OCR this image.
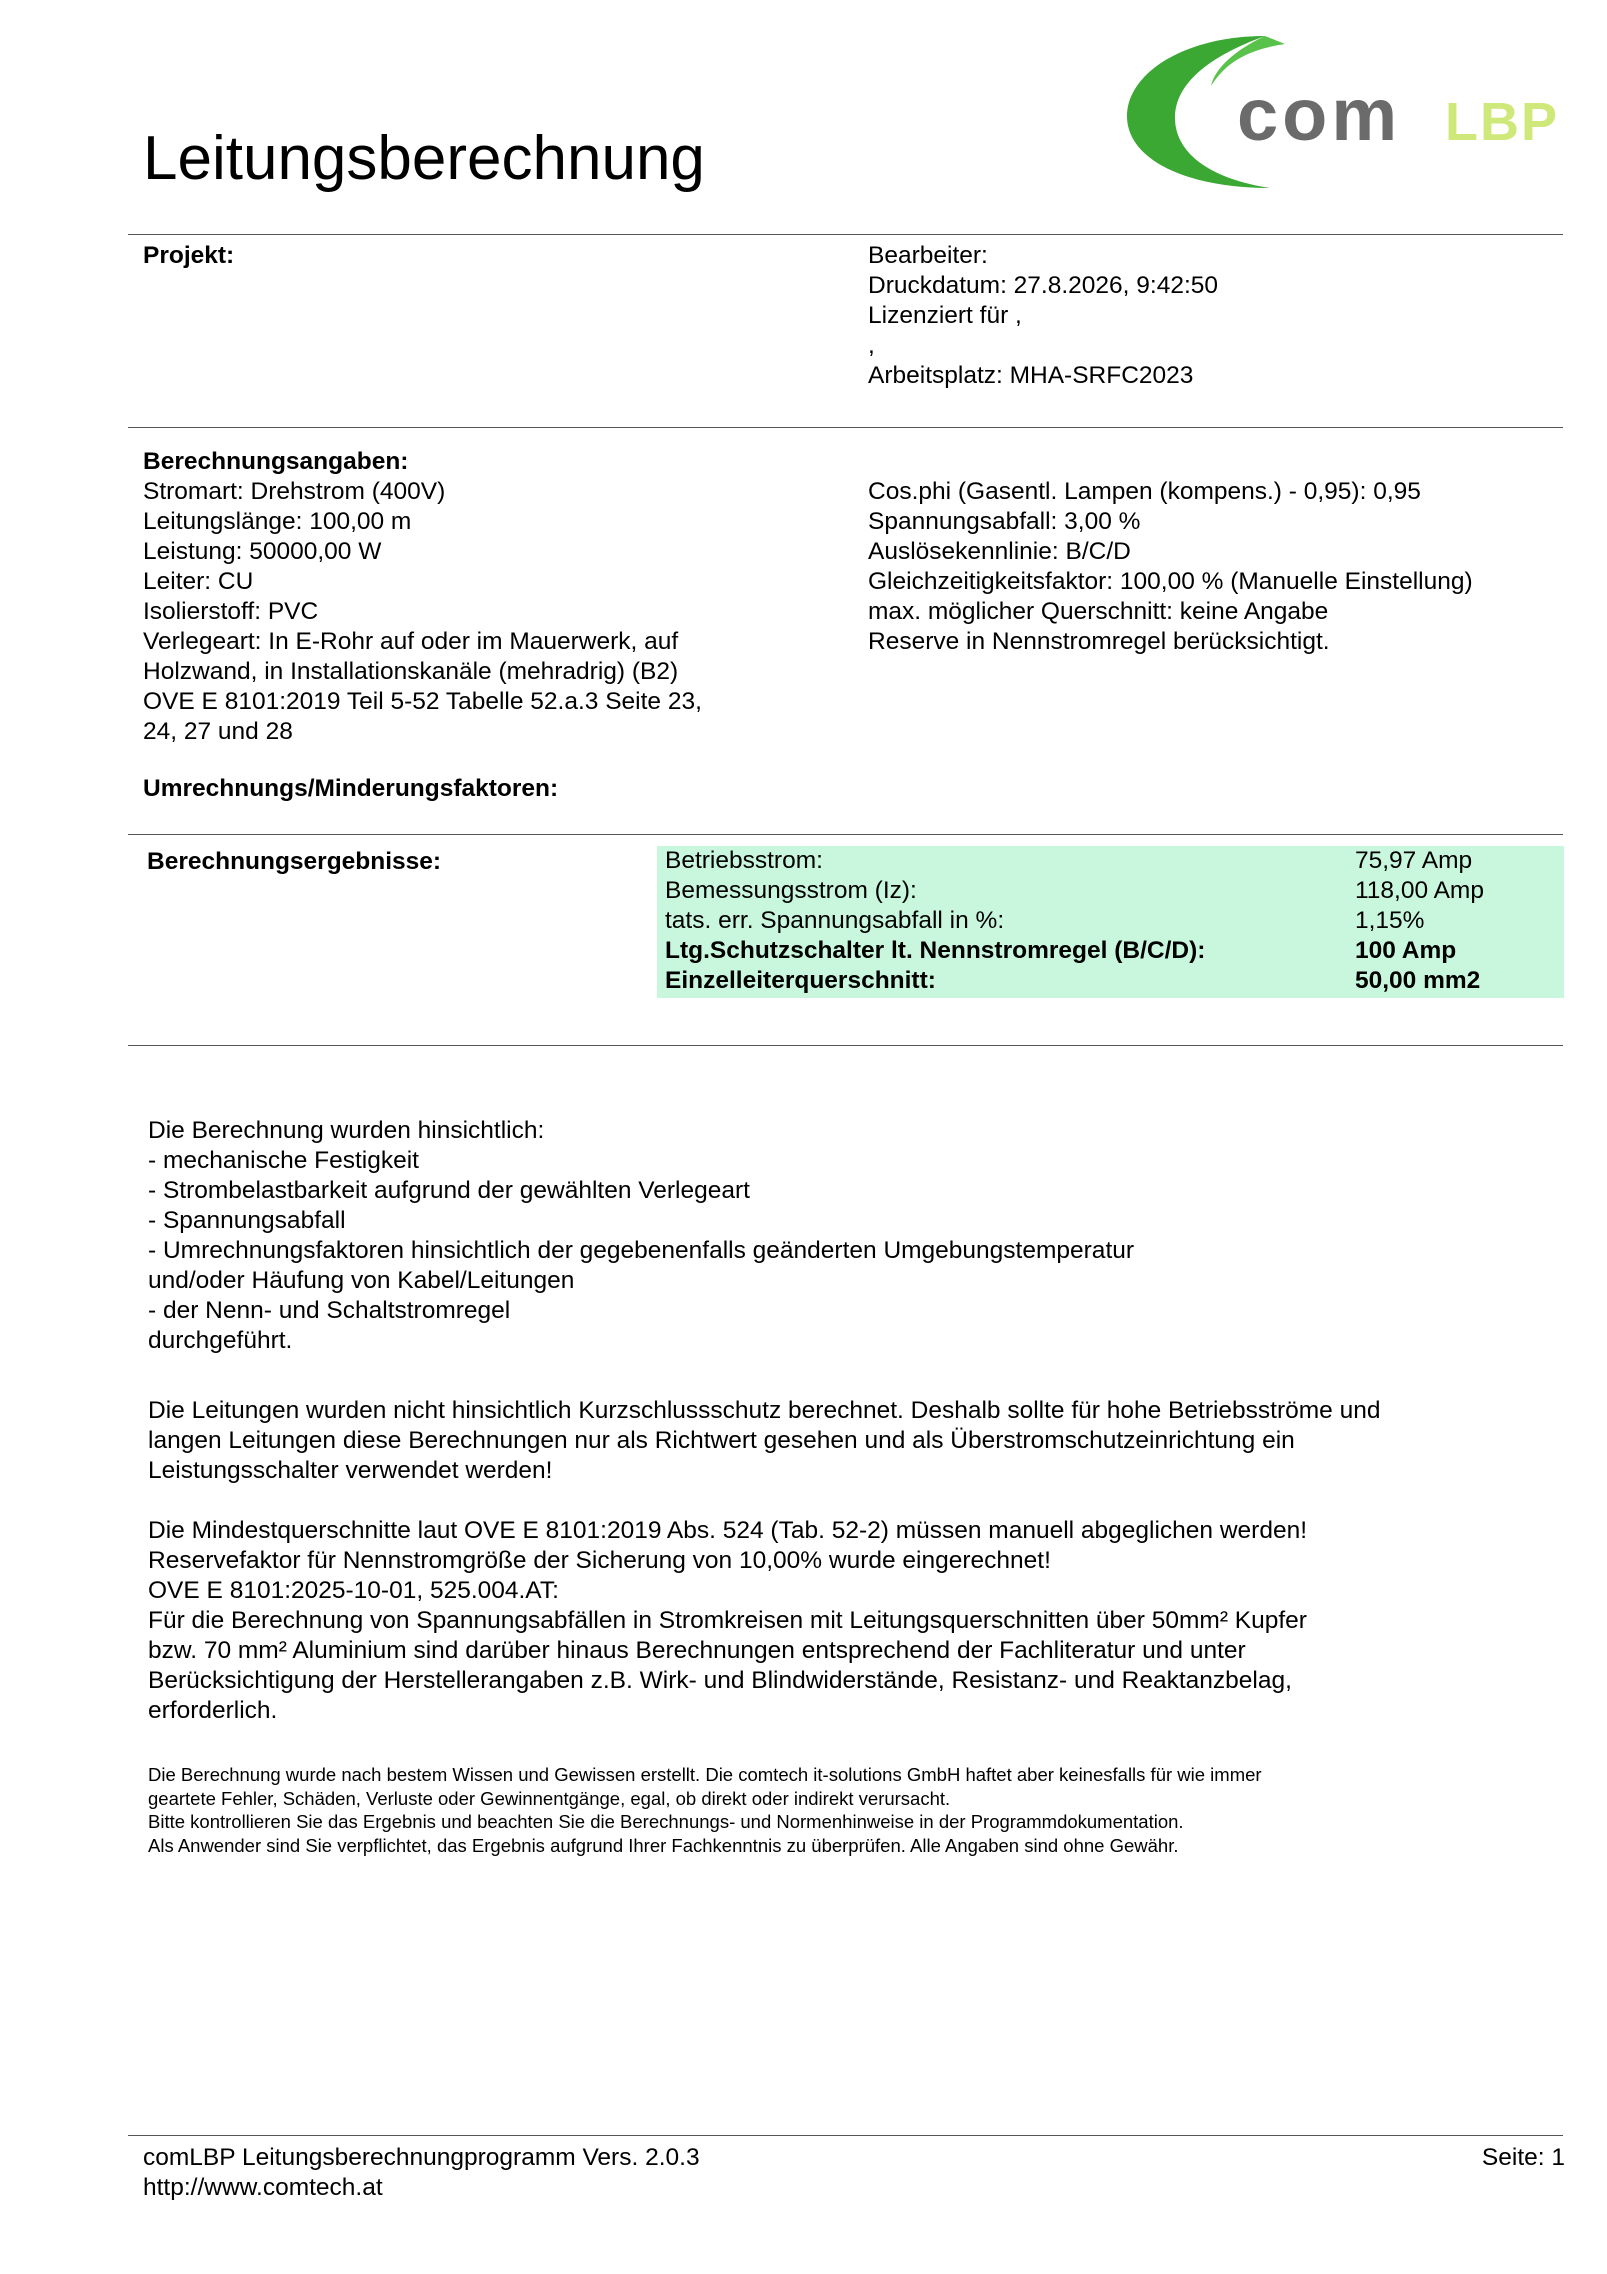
Leitungsberechnung
com LBP
Projekt:	Bearbeiter:
Druckdatum: 27.8.2026, 9:42:50
Lizenziert für ,
,
Arbeitsplatz: MHA-SRFC2023
Berechnungsangaben:
Stromart: Drehstrom (400V)
Leitungslänge: 100,00 m
Leistung: 50000,00 W
Leiter: CU
Isolierstoff: PVC
Verlegeart: In E-Rohr auf oder im Mauerwerk, auf
Holzwand, in Installationskanäle (mehradrig) (B2)
OVE E 8101:2019 Teil 5-52 Tabelle 52.a.3 Seite 23,
24, 27 und 28
Cos.phi (Gasentl. Lampen (kompens.) - 0,95): 0,95
Spannungsabfall: 3,00 %
Auslösekennlinie: B/C/D
Gleichzeitigkeitsfaktor: 100,00 % (Manuelle Einstellung)
max. möglicher Querschnitt: keine Angabe
Reserve in Nennstromregel berücksichtigt.
Umrechnungs/Minderungsfaktoren:
Berechnungsergebnisse:	Betriebsstrom:	75,97 Amp
Bemessungsstrom (Iz):	118,00 Amp
tats. err. Spannungsabfall in %:	1,15%
Ltg.Schutzschalter lt. Nennstromregel (B/C/D):	100 Amp
Einzelleiterquerschnitt:	50,00 mm2
Die Berechnung wurden hinsichtlich:
- mechanische Festigkeit
- Strombelastbarkeit aufgrund der gewählten Verlegeart
- Spannungsabfall
- Umrechnungsfaktoren hinsichtlich der gegebenenfalls geänderten Umgebungstemperatur
und/oder Häufung von Kabel/Leitungen
- der Nenn- und Schaltstromregel
durchgeführt.
Die Leitungen wurden nicht hinsichtlich Kurzschlussschutz berechnet. Deshalb sollte für hohe Betriebsströme und
langen Leitungen diese Berechnungen nur als Richtwert gesehen und als Überstromschutzeinrichtung ein
Leistungsschalter verwendet werden!
Die Mindestquerschnitte laut OVE E 8101:2019 Abs. 524 (Tab. 52-2) müssen manuell abgeglichen werden!
Reservefaktor für Nennstromgröße der Sicherung von 10,00% wurde eingerechnet!
OVE E 8101:2025-10-01, 525.004.AT:
Für die Berechnung von Spannungsabfällen in Stromkreisen mit Leitungsquerschnitten über 50mm² Kupfer
bzw. 70 mm² Aluminium sind darüber hinaus Berechnungen entsprechend der Fachliteratur und unter
Berücksichtigung der Herstellerangaben z.B. Wirk- und Blindwiderstände, Resistanz- und Reaktanzbelag,
erforderlich.
Die Berechnung wurde nach bestem Wissen und Gewissen erstellt. Die comtech it-solutions GmbH haftet aber keinesfalls für wie immer
geartete Fehler, Schäden, Verluste oder Gewinnentgänge, egal, ob direkt oder indirekt verursacht.
Bitte kontrollieren Sie das Ergebnis und beachten Sie die Berechnungs- und Normenhinweise in der Programmdokumentation.
Als Anwender sind Sie verpflichtet, das Ergebnis aufgrund Ihrer Fachkenntnis zu überprüfen. Alle Angaben sind ohne Gewähr.
comLBP Leitungsberechnungprogramm Vers. 2.0.3
http://www.comtech.at
Seite: 1
